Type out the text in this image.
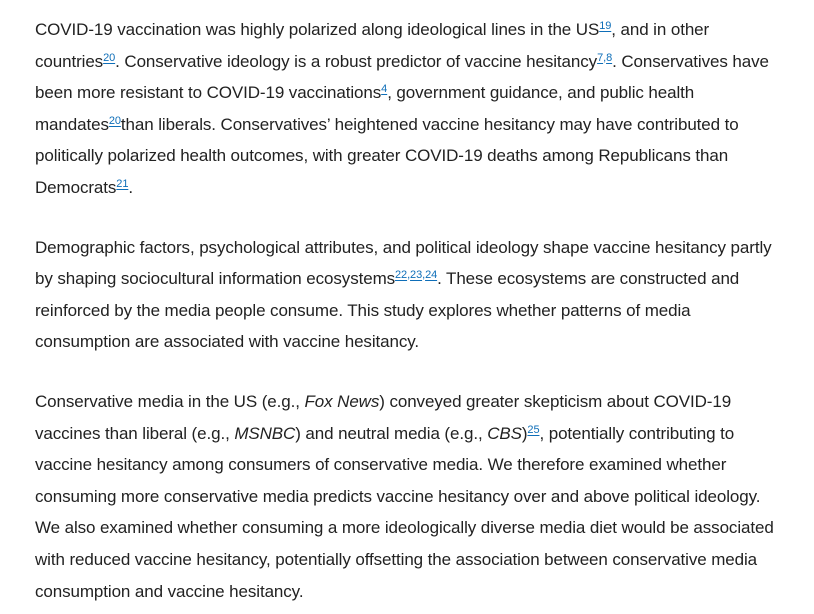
COVID-19 vaccination was highly polarized along ideological lines in the US$^{19}$, and in other countries$^{20}$. Conservative ideology is a robust predictor of vaccine hesitancy$^{7,8}$. Conservatives have been more resistant to COVID-19 vaccinations$^4$, government guidance, and public health mandates$^{20}$than liberals. Conservatives’ heightened vaccine hesitancy may have contributed to politically polarized health outcomes, with greater COVID-19 deaths among Republicans than Democrats$^{21}$.

Demographic factors, psychological attributes, and political ideology shape vaccine hesitancy partly by shaping sociocultural information ecosystems$^{22,23,24}$. These ecosystems are constructed and reinforced by the media people consume. This study explores whether patterns of media consumption are associated with vaccine hesitancy.

Conservative media in the US (e.g., Fox News) conveyed greater skepticism about COVID-19 vaccines than liberal (e.g., MSNBC) and neutral media (e.g., CBS)$^{25}$, potentially contributing to vaccine hesitancy among consumers of conservative media. We therefore examined whether consuming more conservative media predicts vaccine hesitancy over and above political ideology. We also examined whether consuming a more ideologically diverse media diet would be associated with reduced vaccine hesitancy, potentially offsetting the association between conservative media consumption and vaccine hesitancy.
